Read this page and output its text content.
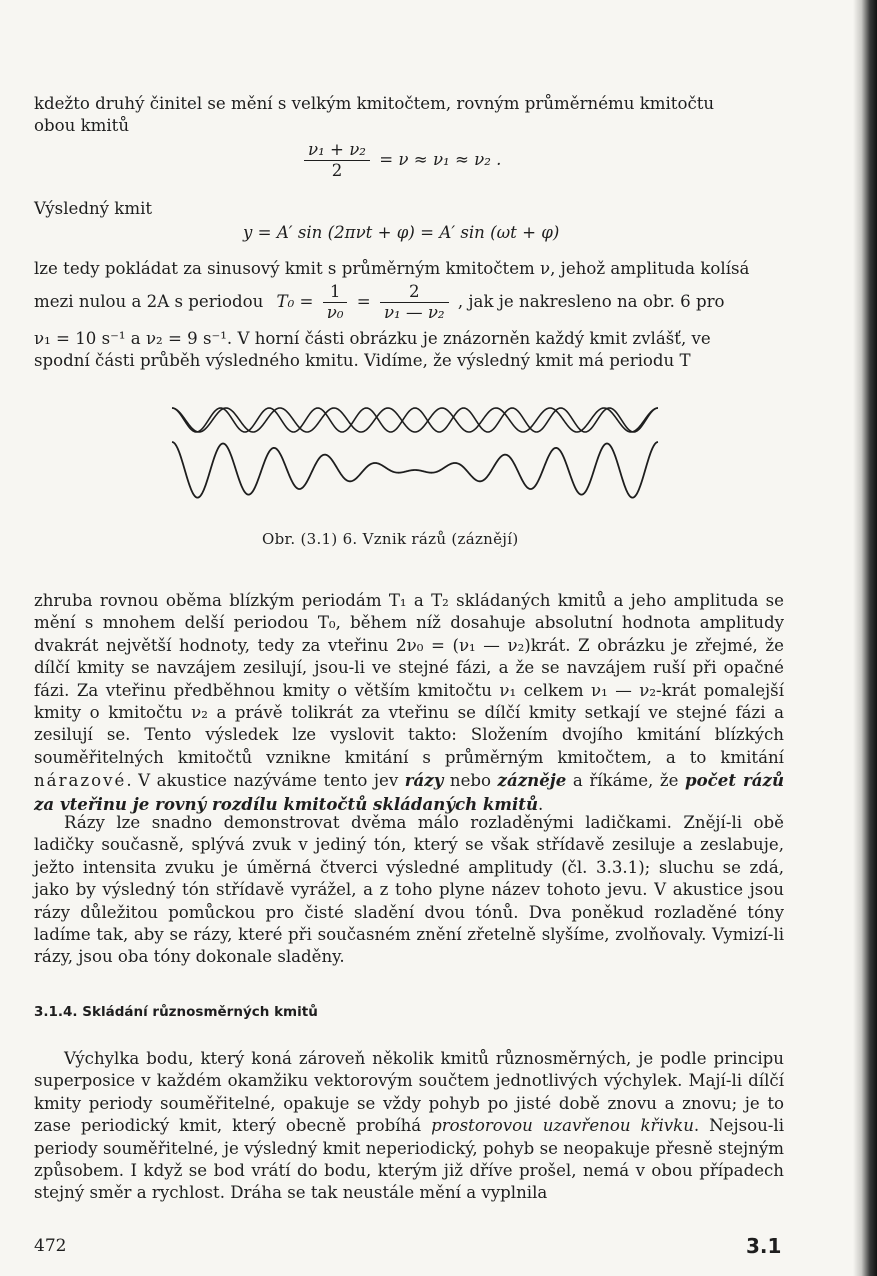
kdežto druhý činitel se mění s velkým kmitočtem, rovným průměrnému kmitočtu
obou kmitů
$\frac{\text{ν₁ + ν₂}}{2} = \nu \approx \nu_1 \approx \nu_2$ .
Výsledný kmit
y = A′ sin (2πνt + φ) = A′ sin (ωt + φ)
lze tedy pokládat za sinusový kmit s průměrným kmitočtem ν, jehož amplituda kolísá
mezi nulou a 2A s periodou $T_0 = \frac{1}{\text{ν₀}} = \frac{2}{\text{ν₁ — ν₂}}$ , jak je nakresleno na obr. 6 pro
ν₁ = 10 s⁻¹ a ν₂ = 9 s⁻¹. V horní části obrázku je znázorněn každý kmit zvlášť, ve
spodní části průběh výsledného kmitu. Vidíme, že výsledný kmit má periodu T
Obr. (3.1) 6. Vznik rázů (záznějí)
zhruba rovnou oběma blízkým periodám T₁ a T₂ skládaných kmitů a jeho amplituda se mění s mnohem delší periodou T₀, během níž dosahuje absolutní hodnota amplitudy dvakrát největší hodnoty, tedy za vteřinu 2ν₀ = (ν₁ — ν₂)krát. Z obrázku je zřejmé, že dílčí kmity se navzájem zesilují, jsou-li ve stejné fázi, a že se navzájem ruší při opačné fázi. Za vteřinu předběhnou kmity o větším kmitočtu ν₁ celkem ν₁ — ν₂-krát pomalejší kmity o kmitočtu ν₂ a právě tolikrát za vteřinu se dílčí kmity setkají ve stejné fázi a zesilují se. Tento výsledek lze vyslovit takto: Složením dvojího kmitání blízkých souměřitelných kmitočtů vznikne kmitání s průměrným kmitočtem, a to kmitání nárazové. V akustice nazýváme tento jev rázy nebo zázněje a říkáme, že počet rázů za vteřinu je rovný rozdílu kmitočtů skládaných kmitů.
Rázy lze snadno demonstrovat dvěma málo rozladěnými ladičkami. Znějí-li obě ladičky současně, splývá zvuk v jediný tón, který se však střídavě zesiluje a zeslabuje, ježto intensita zvuku je úměrná čtverci výsledné amplitudy (čl. 3.3.1); sluchu se zdá, jako by výsledný tón střídavě vyrážel, a z toho plyne název tohoto jevu. V akustice jsou rázy důležitou pomůckou pro čisté sladění dvou tónů. Dva poněkud rozladěné tóny ladíme tak, aby se rázy, které při současném znění zřetelně slyšíme, zvolňovaly. Vymizí-li rázy, jsou oba tóny dokonale sladěny.
3.1.4. Skládání různosměrných kmitů
Výchylka bodu, který koná zároveň několik kmitů různosměrných, je podle principu superposice v každém okamžiku vektorovým součtem jednotlivých výchylek. Mají-li dílčí kmity periody souměřitelné, opakuje se vždy pohyb po jisté době znovu a znovu; je to zase periodický kmit, který obecně probíhá prostorovou uzavřenou křivku. Nejsou-li periody souměřitelné, je výsledný kmit neperiodický, pohyb se neopakuje přesně stejným způsobem. I když se bod vrátí do bodu, kterým již dříve prošel, nemá v obou případech stejný směr a rychlost. Dráha se tak neustále mění a vyplnila
472	3.1
